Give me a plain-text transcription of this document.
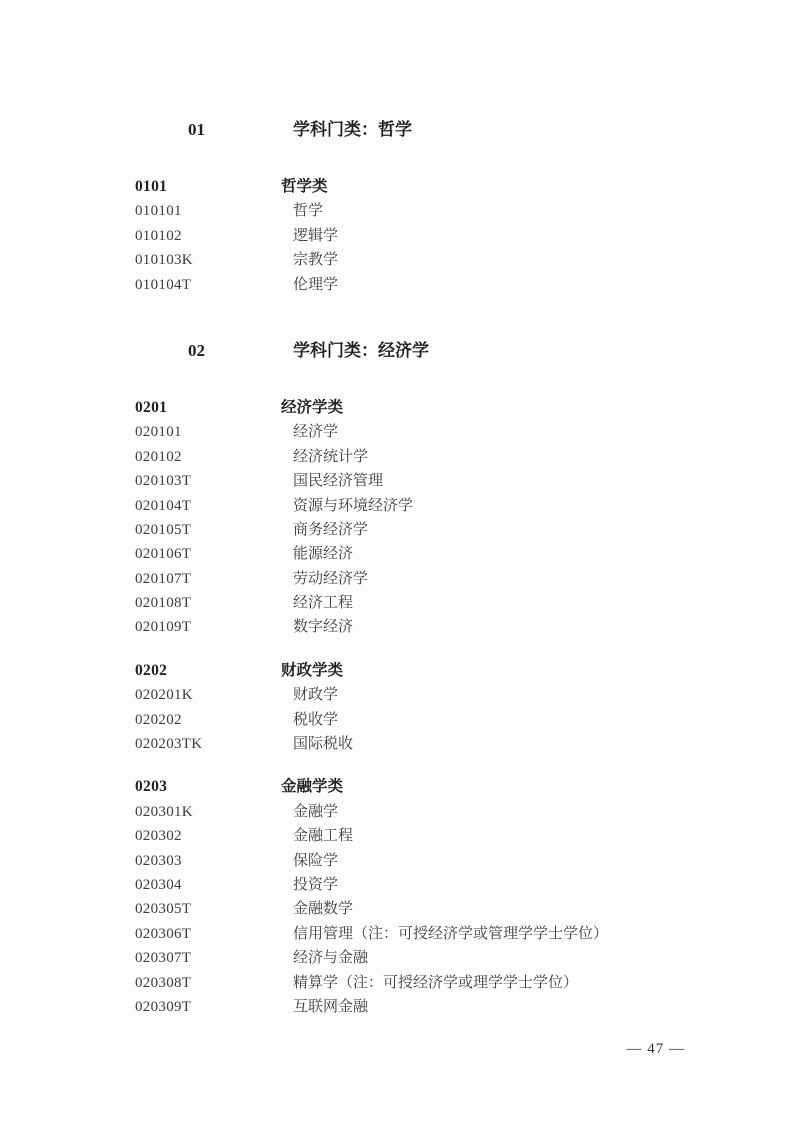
01	学科门类：哲学
0101	哲学类
010101	哲学
010102	逻辑学
010103K	宗教学
010104T	伦理学
02	学科门类：经济学
0201	经济学类
020101	经济学
020102	经济统计学
020103T	国民经济管理
020104T	资源与环境经济学
020105T	商务经济学
020106T	能源经济
020107T	劳动经济学
020108T	经济工程
020109T	数字经济
0202	财政学类
020201K	财政学
020202	税收学
020203TK	国际税收
0203	金融学类
020301K	金融学
020302	金融工程
020303	保险学
020304	投资学
020305T	金融数学
020306T	信用管理（注：可授经济学或管理学学士学位）
020307T	经济与金融
020308T	精算学（注：可授经济学或理学学士学位）
020309T	互联网金融
— 47 —
